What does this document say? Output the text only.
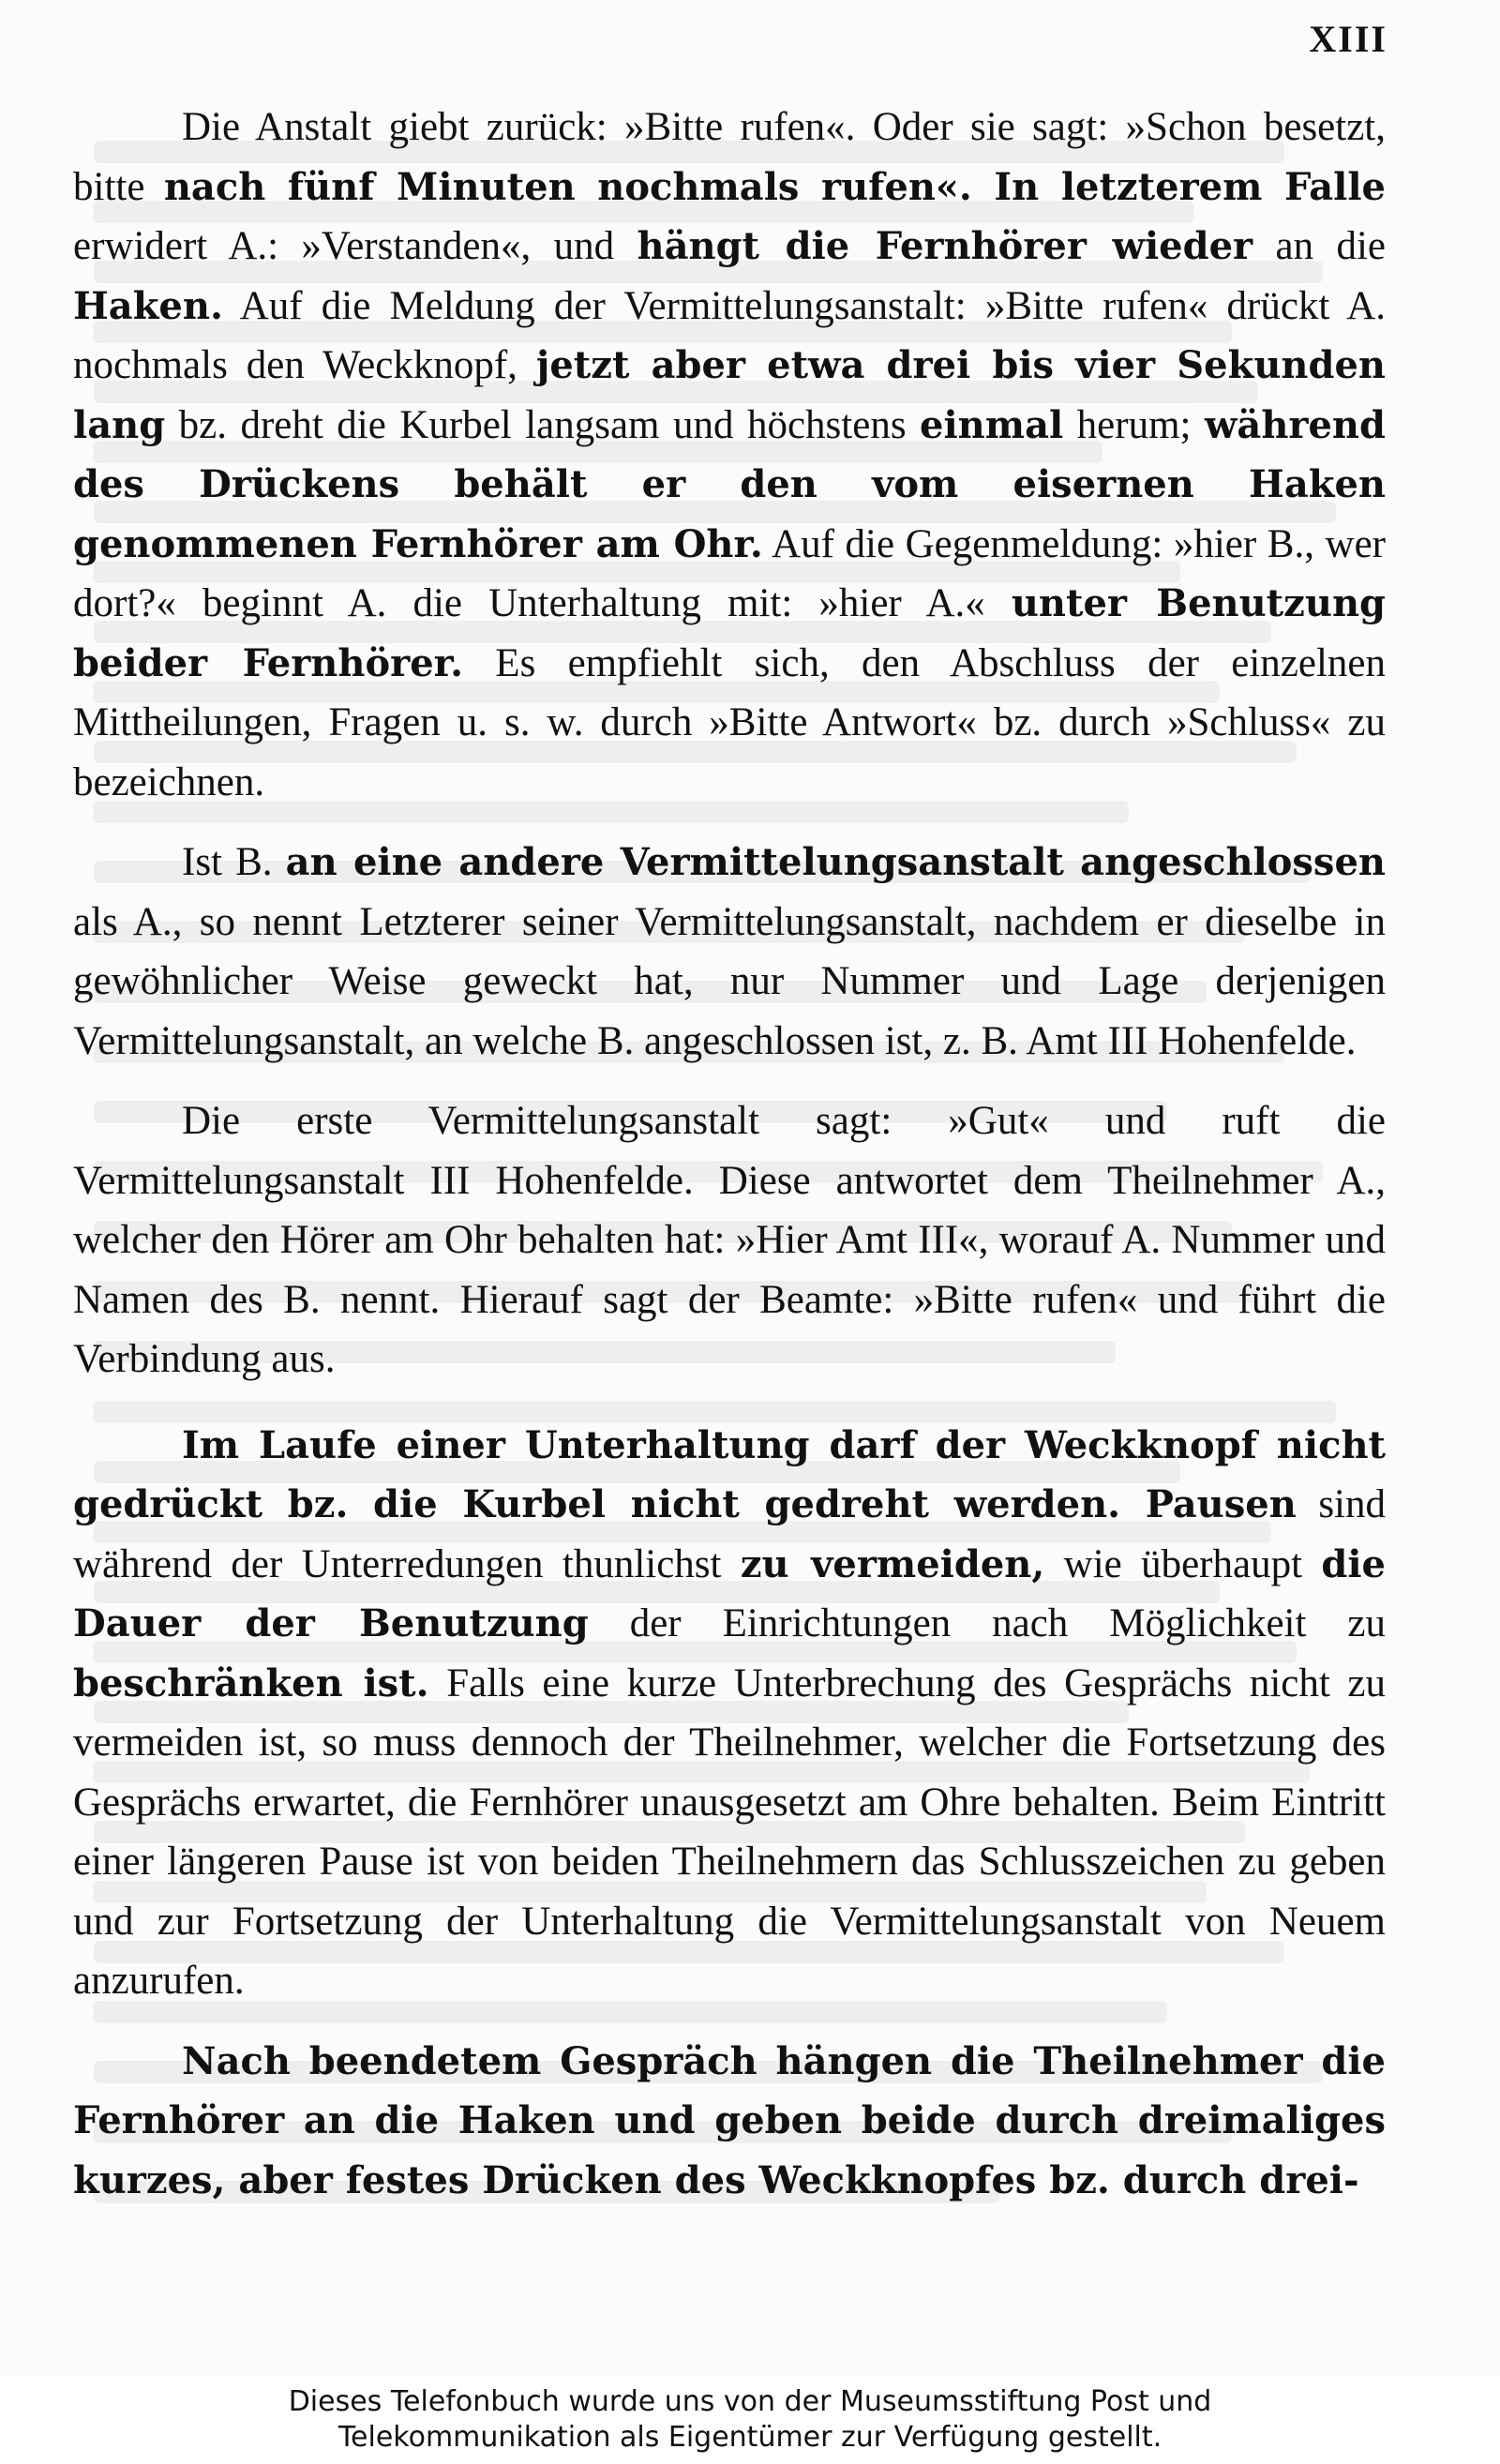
XIII

Die Anstalt giebt zurück: »Bitte rufen«. Oder sie sagt: »Schon besetzt, bitte nach fünf Minuten nochmals rufen«. In letzterem Falle erwidert A.: »Verstanden«, und hängt die Fernhörer wieder an die Haken. Auf die Meldung der Vermittelungsanstalt: »Bitte rufen« drückt A. nochmals den Weckknopf, jetzt aber etwa drei bis vier Sekunden lang bz. dreht die Kurbel langsam und höchstens einmal herum; während des Drückens behält er den vom eisernen Haken genommenen Fernhörer am Ohr. Auf die Gegenmeldung: »hier B., wer dort?« beginnt A. die Unterhaltung mit: »hier A.« unter Benutzung beider Fernhörer. Es empfiehlt sich, den Abschluss der einzelnen Mittheilungen, Fragen u. s. w. durch »Bitte Antwort« bz. durch »Schluss« zu bezeichnen.

Ist B. an eine andere Vermittelungsanstalt angeschlossen als A., so nennt Letzterer seiner Vermittelungsanstalt, nachdem er dieselbe in gewöhnlicher Weise geweckt hat, nur Nummer und Lage derjenigen Vermittelungsanstalt, an welche B. angeschlossen ist, z. B. Amt III Hohenfelde.

Die erste Vermittelungsanstalt sagt: »Gut« und ruft die Vermittelungsanstalt III Hohenfelde. Diese antwortet dem Theilnehmer A., welcher den Hörer am Ohr behalten hat: »Hier Amt III«, worauf A. Nummer und Namen des B. nennt. Hierauf sagt der Beamte: »Bitte rufen« und führt die Verbindung aus.

Im Laufe einer Unterhaltung darf der Weckknopf nicht gedrückt bz. die Kurbel nicht gedreht werden. Pausen sind während der Unterredungen thunlichst zu vermeiden, wie überhaupt die Dauer der Benutzung der Einrichtungen nach Möglichkeit zu beschränken ist. Falls eine kurze Unterbrechung des Gesprächs nicht zu vermeiden ist, so muss dennoch der Theilnehmer, welcher die Fortsetzung des Gesprächs erwartet, die Fernhörer unausgesetzt am Ohre behalten. Beim Eintritt einer längeren Pause ist von beiden Theilnehmern das Schlusszeichen zu geben und zur Fortsetzung der Unterhaltung die Vermittelungsanstalt von Neuem anzurufen.

Nach beendetem Gespräch hängen die Theilnehmer die Fernhörer an die Haken und geben beide durch dreimaliges kurzes, aber festes Drücken des Weckknopfes bz. durch drei-

Dieses Telefonbuch wurde uns von der Museumsstiftung Post und
Telekommunikation als Eigentümer zur Verfügung gestellt.
